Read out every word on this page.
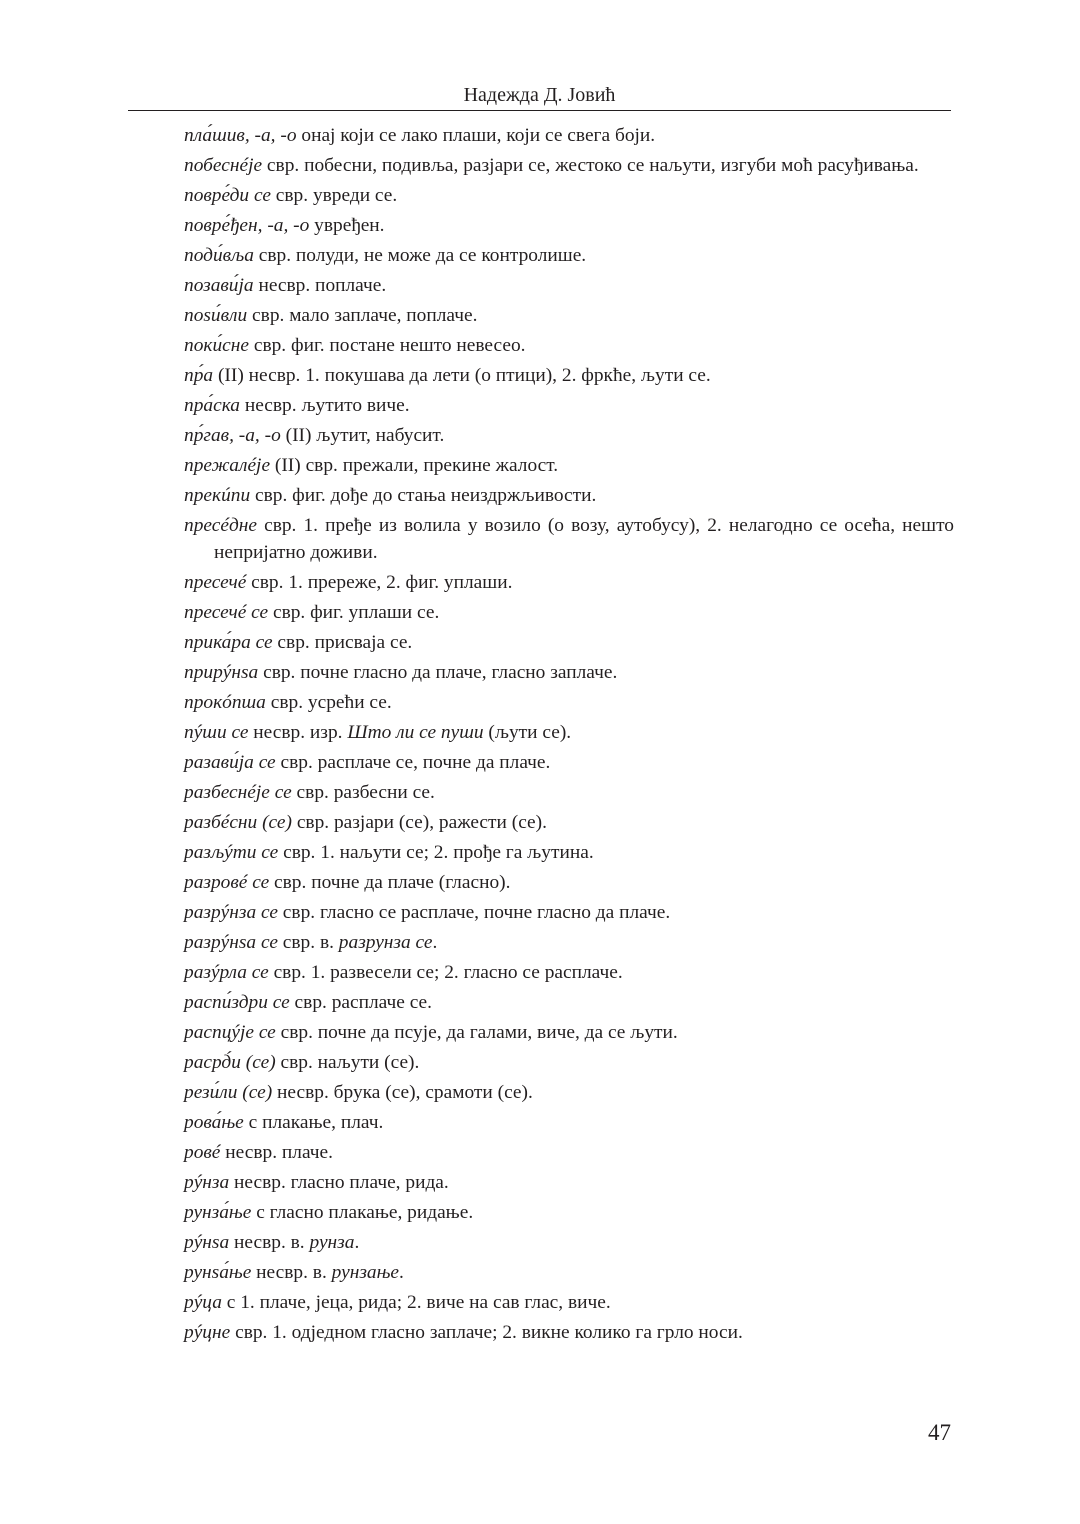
Надежда Д. Јовић

пла́шив, -а, -о онај који се лако плаши, који се свега боји.

побеснéје свр. побесни, подивља, разјари се, жестоко се наљути, изгуби моћ расуђивања.

повре́ди се свр. увреди се.

повре́ђен, -а, -о увређен.

поди́вља свр. полуди, не може да се контролише.

позави́ја несвр. поплаче.

поѕи́вли свр. мало заплаче, поплаче.

поки́сне свр. фиг. постане нешто невесео.

пр́а (II) несвр. 1. покушава да лети (о птици), 2. фркће, љути се.

пра́ска несвр. љутито виче.

пр́гав, -а, -о (II) љутит, набусит.

прежалéје (II) свр. прежали, прекине жалост.

прекúпи свр. фиг. дође до стања неиздржљивости.

пресéдне свр. 1. пређе из волила у возило (о возу, аутобусу), 2. нелагодно се осећа, нешто непријатно доживи.

пресечé свр. 1. пререже, 2. фиг. уплаши.

пресечé се свр. фиг. уплаши се.

прика́ра се свр. присваја се.

прирýнѕа свр. почне гласно да плаче, гласно заплаче.

прокóпша свр. усрећи се.

пýши се несвр. изр. Што ли се пуши (љути се).

разави́ја се свр. расплаче се, почне да плаче.

разбеснéје се свр. разбесни се.

разбéсни (се) свр. разјари (се), ражести (се).

разљýти се свр. 1. наљути се; 2. прође га љутина.

разровé се свр. почне да плаче (гласно).

разрýнза се свр. гласно се расплаче, почне гласно да плаче.

разрýнѕа се свр. в. разрунза се.

разýрла се свр. 1. развесели се; 2. гласно се расплаче.

распи́здри се свр. расплаче се.

распцýје се свр. почне да псује, да галами, виче, да се љути.

расрд́и (се) свр. наљути (се).

рези́ли (се) несвр. брука (се), срамоти (се).

рова́ње с плакање, плач.

ровé несвр. плаче.

рýнза несвр. гласно плаче, рида.

рунза́ње с гласно плакање, ридање.

рýнѕа несвр. в. рунза.

рунѕа́ње несвр. в. рунзање.

рýца с 1. плаче, јеца, рида; 2. виче на сав глас, виче.

рýцне свр. 1. одједном гласно заплаче; 2. викне колико га грло носи.

47
